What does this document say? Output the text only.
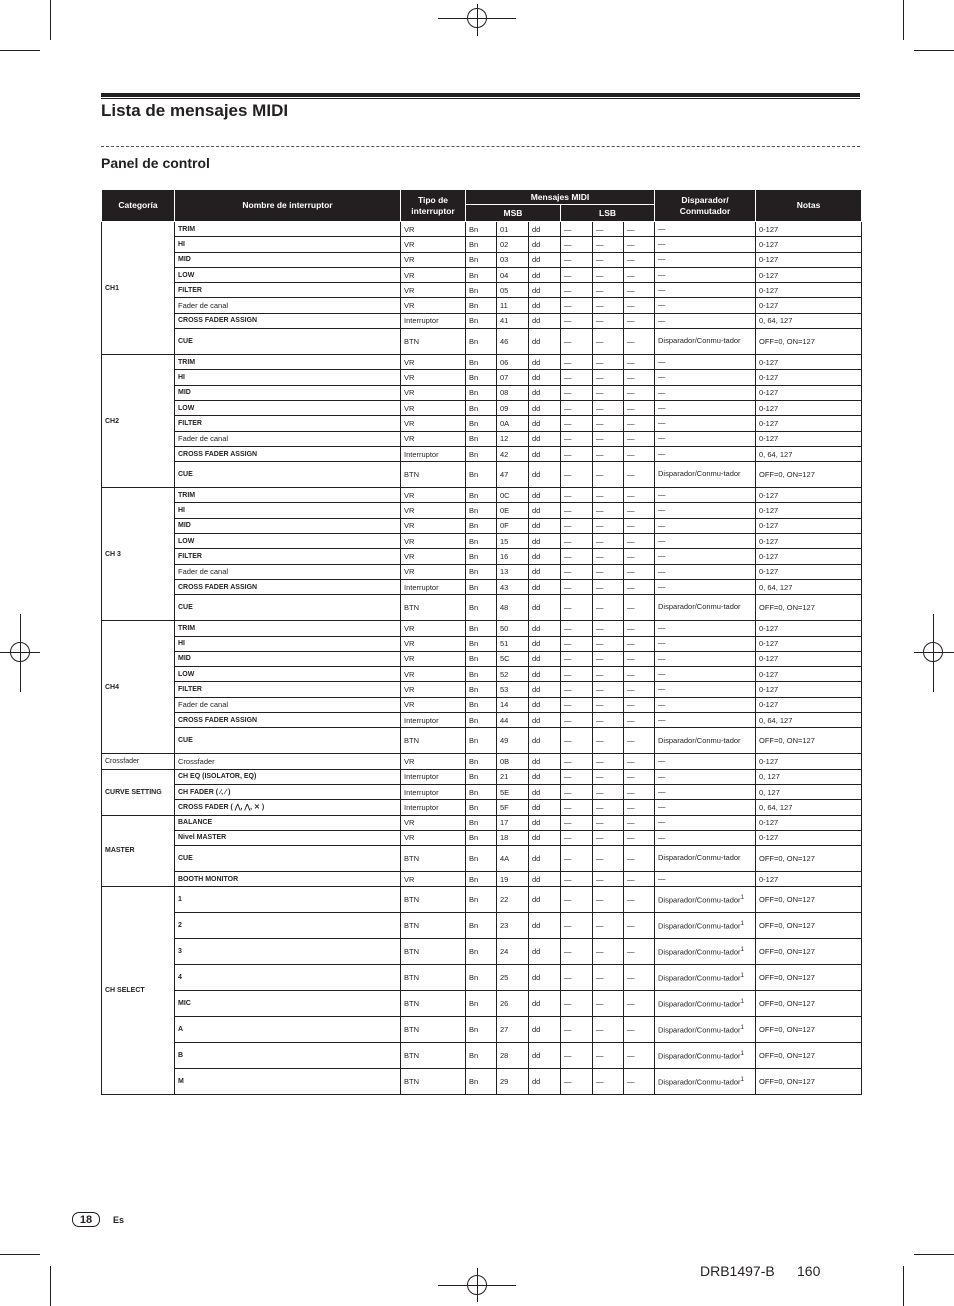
Lista de mensajes MIDI
Panel de control
Categoría	Nombre de interruptor	Tipo de interruptor	Mensajes MIDI						Disparador/ Conmutador	Notas
			MSB			LSB				
CH1	TRIM	VR	Bn	01	dd	—	—	—	—	0-127
	HI	VR	Bn	02	dd	—	—	—	—	0-127
	MID	VR	Bn	03	dd	—	—	—	—	0-127
	LOW	VR	Bn	04	dd	—	—	—	—	0-127
	FILTER	VR	Bn	05	dd	—	—	—	—	0-127
	Fader de canal	VR	Bn	11	dd	—	—	—	—	0-127
	CROSS FADER ASSIGN	Interruptor	Bn	41	dd	—	—	—	—	0, 64, 127
	CUE	BTN	Bn	46	dd	—	—	—	Disparador/Conmu-tador	OFF=0, ON=127
CH2	TRIM	VR	Bn	06	dd	—	—	—	—	0-127
	HI	VR	Bn	07	dd	—	—	—	—	0-127
	MID	VR	Bn	08	dd	—	—	—	—	0-127
	LOW	VR	Bn	09	dd	—	—	—	—	0-127
	FILTER	VR	Bn	0A	dd	—	—	—	—	0-127
	Fader de canal	VR	Bn	12	dd	—	—	—	—	0-127
	CROSS FADER ASSIGN	Interruptor	Bn	42	dd	—	—	—	—	0, 64, 127
	CUE	BTN	Bn	47	dd	—	—	—	Disparador/Conmu-tador	OFF=0, ON=127
CH 3	TRIM	VR	Bn	0C	dd	—	—	—	—	0-127
	HI	VR	Bn	0E	dd	—	—	—	—	0-127
	MID	VR	Bn	0F	dd	—	—	—	—	0-127
	LOW	VR	Bn	15	dd	—	—	—	—	0-127
	FILTER	VR	Bn	16	dd	—	—	—	—	0-127
	Fader de canal	VR	Bn	13	dd	—	—	—	—	0-127
	CROSS FADER ASSIGN	Interruptor	Bn	43	dd	—	—	—	—	0, 64, 127
	CUE	BTN	Bn	48	dd	—	—	—	Disparador/Conmu-tador	OFF=0, ON=127
CH4	TRIM	VR	Bn	50	dd	—	—	—	—	0-127
	HI	VR	Bn	51	dd	—	—	—	—	0-127
	MID	VR	Bn	5C	dd	—	—	—	—	0-127
	LOW	VR	Bn	52	dd	—	—	—	—	0-127
	FILTER	VR	Bn	53	dd	—	—	—	—	0-127
	Fader de canal	VR	Bn	14	dd	—	—	—	—	0-127
	CROSS FADER ASSIGN	Interruptor	Bn	44	dd	—	—	—	—	0, 64, 127
	CUE	BTN	Bn	49	dd	—	—	—	Disparador/Conmu-tador	OFF=0, ON=127
Crossfader	Crossfader	VR	Bn	0B	dd	—	—	—	—	0-127
CURVE SETTING	CH EQ (ISOLATOR, EQ)	Interruptor	Bn	21	dd	—	—	—	—	0, 127
	CH FADER ( ⁄, ⁄ )	Interruptor	Bn	5E	dd	—	—	—	—	0, 127
	CROSS FADER ( ⋀, ⋀, ✕ )	Interruptor	Bn	5F	dd	—	—	—	—	0, 64, 127
MASTER	BALANCE	VR	Bn	17	dd	—	—	—	—	0-127
	Nivel MASTER	VR	Bn	18	dd	—	—	—	—	0-127
	CUE	BTN	Bn	4A	dd	—	—	—	Disparador/Conmu-tador	OFF=0, ON=127
	BOOTH MONITOR	VR	Bn	19	dd	—	—	—	—	0-127
CH SELECT	1	BTN	Bn	22	dd	—	—	—	Disparador/Conmu-tador$^1$	OFF=0, ON=127
	2	BTN	Bn	23	dd	—	—	—	Disparador/Conmu-tador$^1$	OFF=0, ON=127
	3	BTN	Bn	24	dd	—	—	—	Disparador/Conmu-tador$^1$	OFF=0, ON=127
	4	BTN	Bn	25	dd	—	—	—	Disparador/Conmu-tador$^1$	OFF=0, ON=127
	MIC	BTN	Bn	26	dd	—	—	—	Disparador/Conmu-tador$^1$	OFF=0, ON=127
	A	BTN	Bn	27	dd	—	—	—	Disparador/Conmu-tador$^1$	OFF=0, ON=127
	B	BTN	Bn	28	dd	—	—	—	Disparador/Conmu-tador$^1$	OFF=0, ON=127
	M	BTN	Bn	29	dd	—	—	—	Disparador/Conmu-tador$^1$	OFF=0, ON=127
18	Es
DRB1497-B 160
